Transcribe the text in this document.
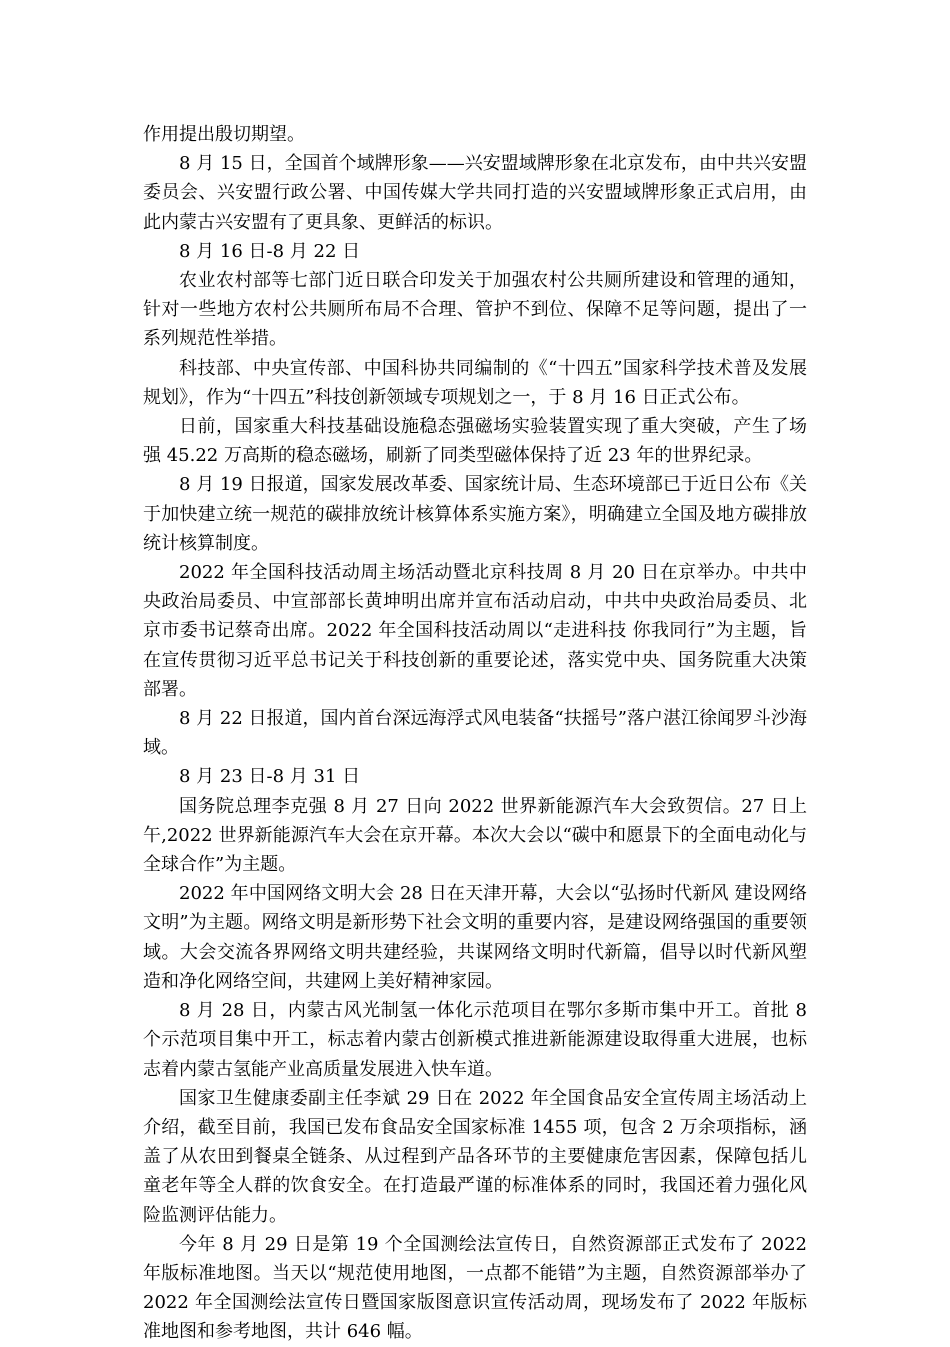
作用提出殷切期望。

8 月 15 日，全国首个域牌形象——兴安盟域牌形象在北京发布，由中共兴安盟委员会、兴安盟行政公署、中国传媒大学共同打造的兴安盟域牌形象正式启用，由此内蒙古兴安盟有了更具象、更鲜活的标识。

8 月 16 日-8 月 22 日

农业农村部等七部门近日联合印发关于加强农村公共厕所建设和管理的通知，针对一些地方农村公共厕所布局不合理、管护不到位、保障不足等问题，提出了一系列规范性举措。

科技部、中央宣传部、中国科协共同编制的《“十四五”国家科学技术普及发展规划》，作为“十四五”科技创新领域专项规划之一，于 8 月 16 日正式公布。

日前，国家重大科技基础设施稳态强磁场实验装置实现了重大突破，产生了场强 45.22 万高斯的稳态磁场，刷新了同类型磁体保持了近 23 年的世界纪录。

8 月 19 日报道，国家发展改革委、国家统计局、生态环境部已于近日公布《关于加快建立统一规范的碳排放统计核算体系实施方案》，明确建立全国及地方碳排放统计核算制度。

2022 年全国科技活动周主场活动暨北京科技周 8 月 20 日在京举办。中共中央政治局委员、中宣部部长黄坤明出席并宣布活动启动，中共中央政治局委员、北京市委书记蔡奇出席。2022 年全国科技活动周以“走进科技 你我同行”为主题，旨在宣传贯彻习近平总书记关于科技创新的重要论述，落实党中央、国务院重大决策部署。

8 月 22 日报道，国内首台深远海浮式风电装备“扶摇号”落户湛江徐闻罗斗沙海域。

8 月 23 日-8 月 31 日

国务院总理李克强 8 月 27 日向 2022 世界新能源汽车大会致贺信。27 日上午,2022 世界新能源汽车大会在京开幕。本次大会以“碳中和愿景下的全面电动化与全球合作”为主题。

2022 年中国网络文明大会 28 日在天津开幕，大会以“弘扬时代新风 建设网络文明”为主题。网络文明是新形势下社会文明的重要内容，是建设网络强国的重要领域。大会交流各界网络文明共建经验，共谋网络文明时代新篇，倡导以时代新风塑造和净化网络空间，共建网上美好精神家园。

8 月 28 日，内蒙古风光制氢一体化示范项目在鄂尔多斯市集中开工。首批 8 个示范项目集中开工，标志着内蒙古创新模式推进新能源建设取得重大进展，也标志着内蒙古氢能产业高质量发展进入快车道。

国家卫生健康委副主任李斌 29 日在 2022 年全国食品安全宣传周主场活动上介绍，截至目前，我国已发布食品安全国家标准 1455 项，包含 2 万余项指标，涵盖了从农田到餐桌全链条、从过程到产品各环节的主要健康危害因素，保障包括儿童老年等全人群的饮食安全。在打造最严谨的标准体系的同时，我国还着力强化风险监测评估能力。

今年 8 月 29 日是第 19 个全国测绘法宣传日，自然资源部正式发布了 2022 年版标准地图。当天以“规范使用地图，一点都不能错”为主题，自然资源部举办了 2022 年全国测绘法宣传日暨国家版图意识宣传活动周，现场发布了 2022 年版标准地图和参考地图，共计 646 幅。
